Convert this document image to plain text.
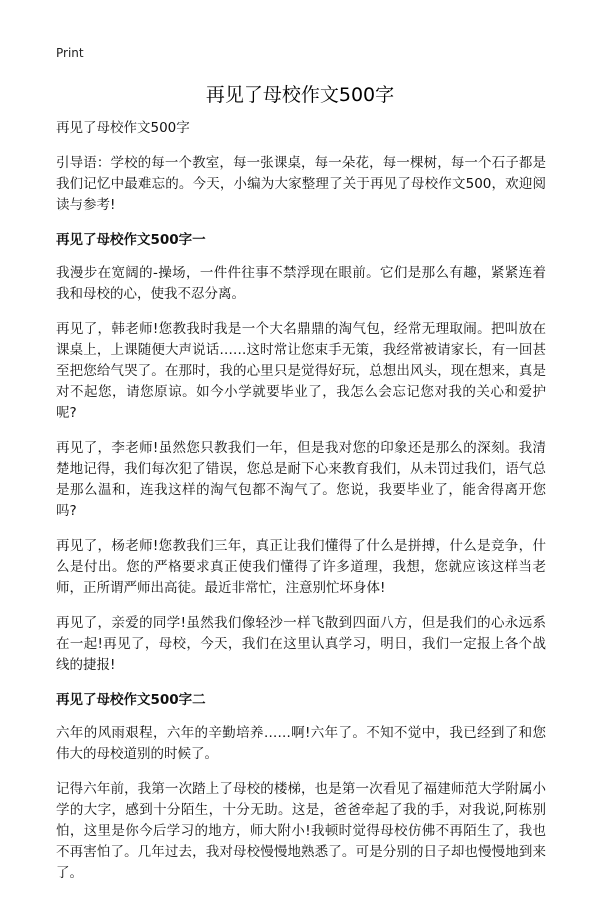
Print
再见了母校作文500字

再见了母校作文500字

引导语：学校的每一个教室，每一张课桌，每一朵花，每一棵树，每一个石子都是我们记忆中最难忘的。今天，小编为大家整理了关于再见了母校作文500，欢迎阅读与参考!

再见了母校作文500字一

我漫步在宽阔的-操场，一件件往事不禁浮现在眼前。它们是那么有趣，紧紧连着我和母校的心，使我不忍分离。

再见了，韩老师!您教我时我是一个大名鼎鼎的淘气包，经常无理取闹。把叫放在课桌上，上课随便大声说话……这时常让您束手无策，我经常被请家长，有一回甚至把您给气哭了。在那时，我的心里只是觉得好玩，总想出风头，现在想来，真是对不起您，请您原谅。如今小学就要毕业了，我怎么会忘记您对我的关心和爱护呢?

再见了，李老师!虽然您只教我们一年，但是我对您的印象还是那么的深刻。我清楚地记得，我们每次犯了错误，您总是耐下心来教育我们，从未罚过我们，语气总是那么温和，连我这样的淘气包都不淘气了。您说，我要毕业了，能舍得离开您吗?

再见了，杨老师!您教我们三年，真正让我们懂得了什么是拼搏，什么是竞争，什么是付出。您的严格要求真正使我们懂得了许多道理，我想，您就应该这样当老师，正所谓严师出高徒。最近非常忙，注意别忙坏身体!

再见了，亲爱的同学!虽然我们像轻沙一样飞散到四面八方，但是我们的心永远系在一起!再见了，母校，今天，我们在这里认真学习，明日，我们一定报上各个战线的捷报!

再见了母校作文500字二

六年的风雨艰程，六年的辛勤培养……啊!六年了。不知不觉中，我已经到了和您伟大的母校道别的时候了。

记得六年前，我第一次踏上了母校的楼梯，也是第一次看见了福建师范大学附属小学的大字，感到十分陌生，十分无助。这是，爸爸牵起了我的手，对我说,阿栋别怕，这里是你今后学习的地方，师大附小!我顿时觉得母校仿佛不再陌生了，我也不再害怕了。几年过去，我对母校慢慢地熟悉了。可是分别的日子却也慢慢地到来了。
